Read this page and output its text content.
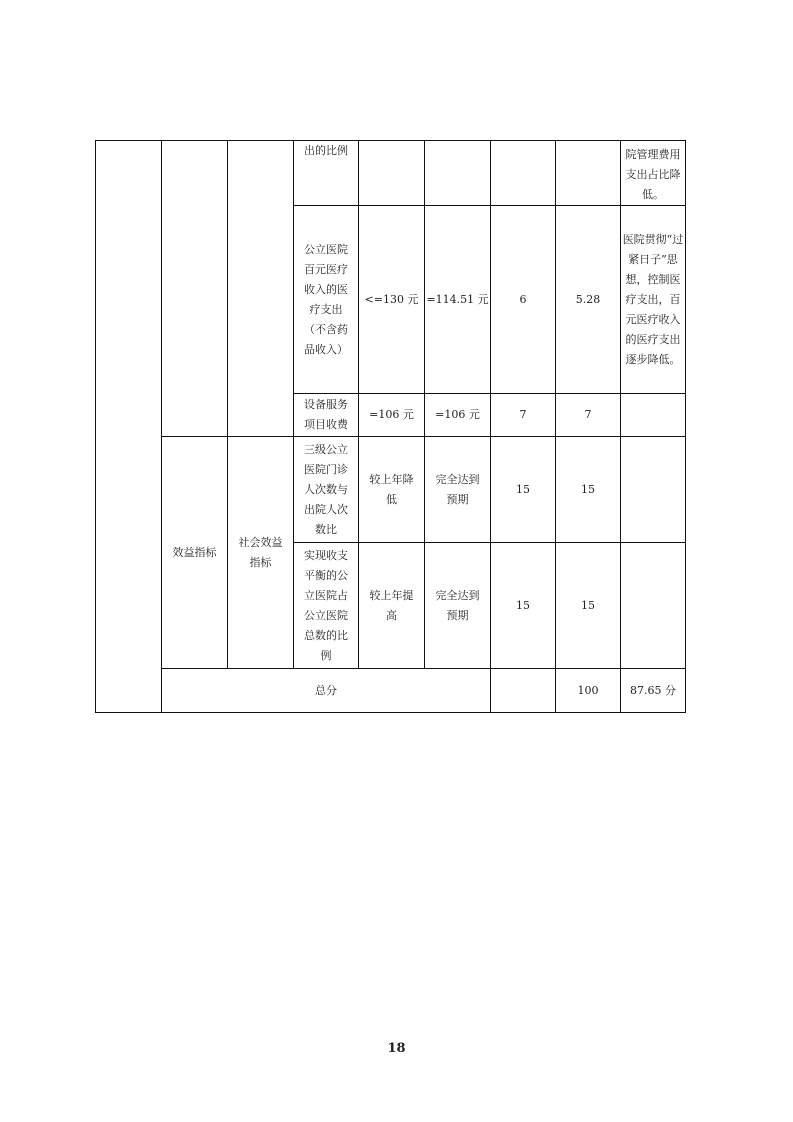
			出的比例					院管理费用支出占比降低。	
			公立医院百元医疗收入的医疗支出（不含药品收入）	<=130 元	=114.51 元	6	5.28	医院贯彻“过紧日子”思想，控制医疗支出，百元医疗收入的医疗支出逐步降低。	
			设备服务项目收费	=106 元	=106 元	7	7		
	效益指标	社会效益指标	三级公立医院门诊人次数与出院人次数比	较上年降低	完全达到预期	15	15		
			实现收支平衡的公立医院占公立医院总数的比例	较上年提高	完全达到预期	15	15		
	总分						100	87.65 分	
18
